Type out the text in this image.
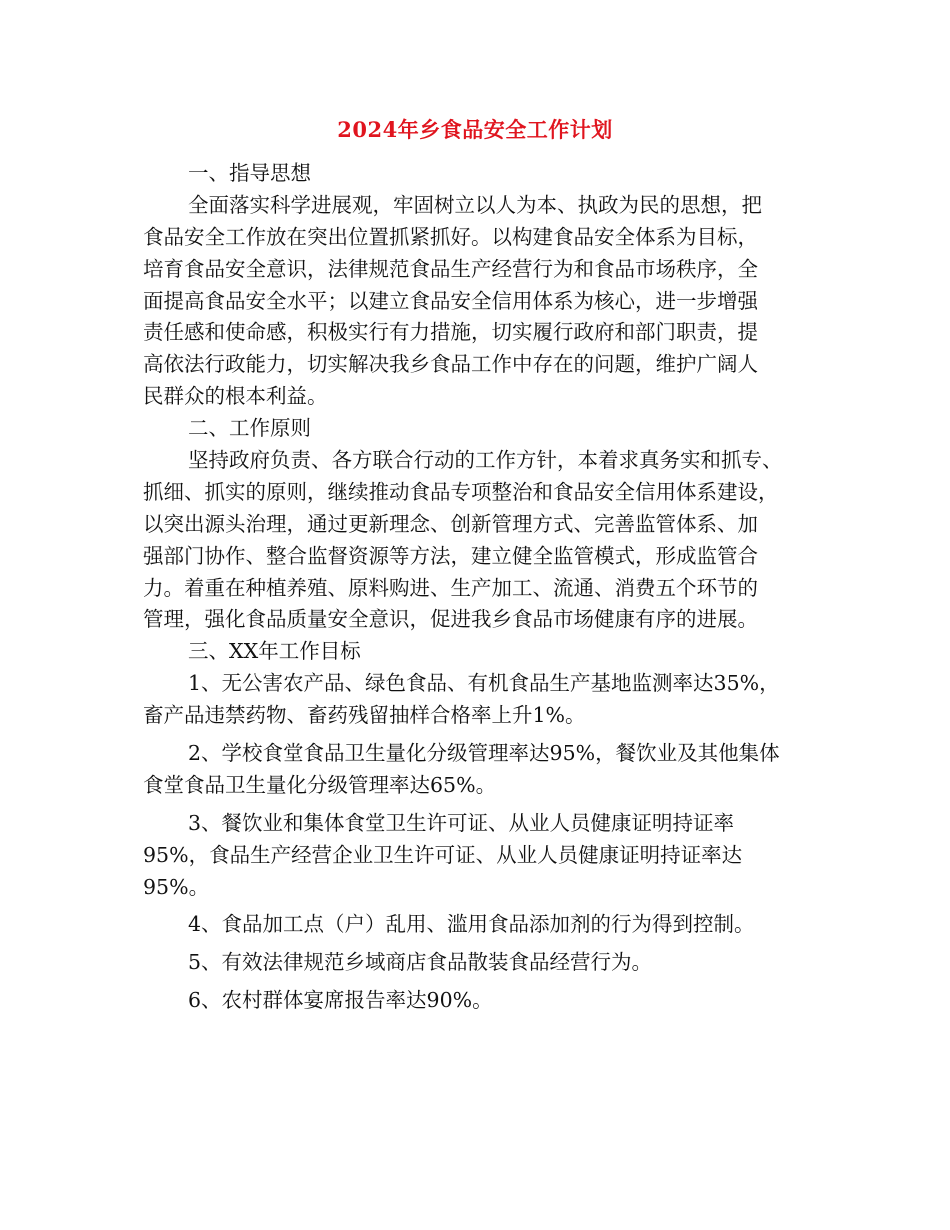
2024年乡食品安全工作计划

一、指导思想

全面落实科学进展观，牢固树立以人为本、执政为民的思想，把

食品安全工作放在突出位置抓紧抓好。以构建食品安全体系为目标，

培育食品安全意识，法律规范食品生产经营行为和食品市场秩序，全

面提高食品安全水平；以建立食品安全信用体系为核心，进一步增强

责任感和使命感，积极实行有力措施，切实履行政府和部门职责，提

高依法行政能力，切实解决我乡食品工作中存在的问题，维护广阔人

民群众的根本利益。

二、工作原则

坚持政府负责、各方联合行动的工作方针，本着求真务实和抓专、

抓细、抓实的原则，继续推动食品专项整治和食品安全信用体系建设，

以突出源头治理，通过更新理念、创新管理方式、完善监管体系、加

强部门协作、整合监督资源等方法，建立健全监管模式，形成监管合

力。着重在种植养殖、原料购进、生产加工、流通、消费五个环节的

管理，强化食品质量安全意识，促进我乡食品市场健康有序的进展。

三、XX年工作目标

1、无公害农产品、绿色食品、有机食品生产基地监测率达35%，

畜产品违禁药物、畜药残留抽样合格率上升1%。

2、学校食堂食品卫生量化分级管理率达95%，餐饮业及其他集体

食堂食品卫生量化分级管理率达65%。

3、餐饮业和集体食堂卫生许可证、从业人员健康证明持证率

95%，食品生产经营企业卫生许可证、从业人员健康证明持证率达

95%。

4、食品加工点（户）乱用、滥用食品添加剂的行为得到控制。

5、有效法律规范乡域商店食品散装食品经营行为。

6、农村群体宴席报告率达90%。
